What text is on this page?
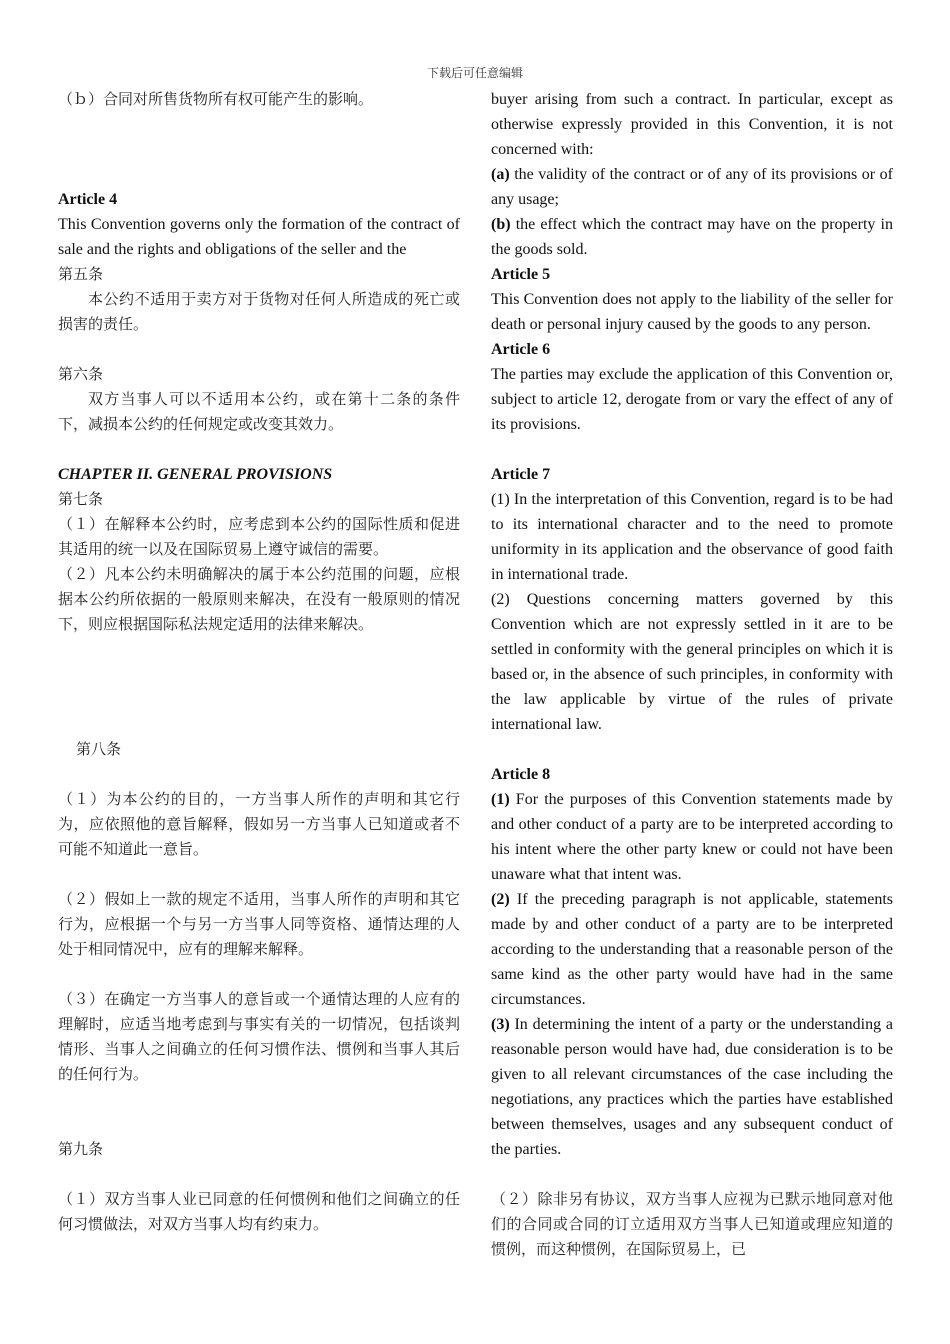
下载后可任意编辑

（ｂ）合同对所售货物所有权可能产生的影响。

Article 4

This Convention governs only the formation of the contract of sale and the rights and obligations of the seller and the

第五条

本公约不适用于卖方对于货物对任何人所造成的死亡或损害的责任。

第六条

双方当事人可以不适用本公约，或在第十二条的条件下，减损本公约的任何规定或改变其效力。

CHAPTER II. GENERAL PROVISIONS

第七条

（１）在解释本公约时，应考虑到本公约的国际性质和促进其适用的统一以及在国际贸易上遵守诚信的需要。

（２）凡本公约未明确解决的属于本公约范围的问题，应根据本公约所依据的一般原则来解决，在没有一般原则的情况下，则应根据国际私法规定适用的法律来解决。

第八条

（１）为本公约的目的，一方当事人所作的声明和其它行为，应依照他的意旨解释，假如另一方当事人已知道或者不可能不知道此一意旨。

（２）假如上一款的规定不适用，当事人所作的声明和其它行为，应根据一个与另一方当事人同等资格、通情达理的人处于相同情况中，应有的理解来解释。

（３）在确定一方当事人的意旨或一个通情达理的人应有的理解时，应适当地考虑到与事实有关的一切情况，包括谈判情形、当事人之间确立的任何习惯作法、惯例和当事人其后的任何行为。

第九条

（１）双方当事人业已同意的任何惯例和他们之间确立的任何习惯做法，对双方当事人均有约束力。

buyer arising from such a contract. In particular, except as otherwise expressly provided in this Convention, it is not concerned with:

(a) the validity of the contract or of any of its provisions or of any usage;

(b) the effect which the contract may have on the property in the goods sold.

Article 5

This Convention does not apply to the liability of the seller for death or personal injury caused by the goods to any person.

Article 6

The parties may exclude the application of this Convention or, subject to article 12, derogate from or vary the effect of any of its provisions.

Article 7

(1) In the interpretation of this Convention, regard is to be had to its international character and to the need to promote uniformity in its application and the observance of good faith in international trade.

(2) Questions concerning matters governed by this Convention which are not expressly settled in it are to be settled in conformity with the general principles on which it is based or, in the absence of such principles, in conformity with the law applicable by virtue of the rules of private international law.

Article 8

(1) For the purposes of this Convention statements made by and other conduct of a party are to be interpreted according to his intent where the other party knew or could not have been unaware what that intent was.

(2) If the preceding paragraph is not applicable, statements made by and other conduct of a party are to be interpreted according to the understanding that a reasonable person of the same kind as the other party would have had in the same circumstances.

(3) In determining the intent of a party or the understanding a reasonable person would have had, due consideration is to be given to all relevant circumstances of the case including the negotiations, any practices which the parties have established between themselves, usages and any subsequent conduct of the parties.

（２）除非另有协议，双方当事人应视为已默示地同意对他们的合同或合同的订立适用双方当事人已知道或理应知道的惯例，而这种惯例，在国际贸易上，已
